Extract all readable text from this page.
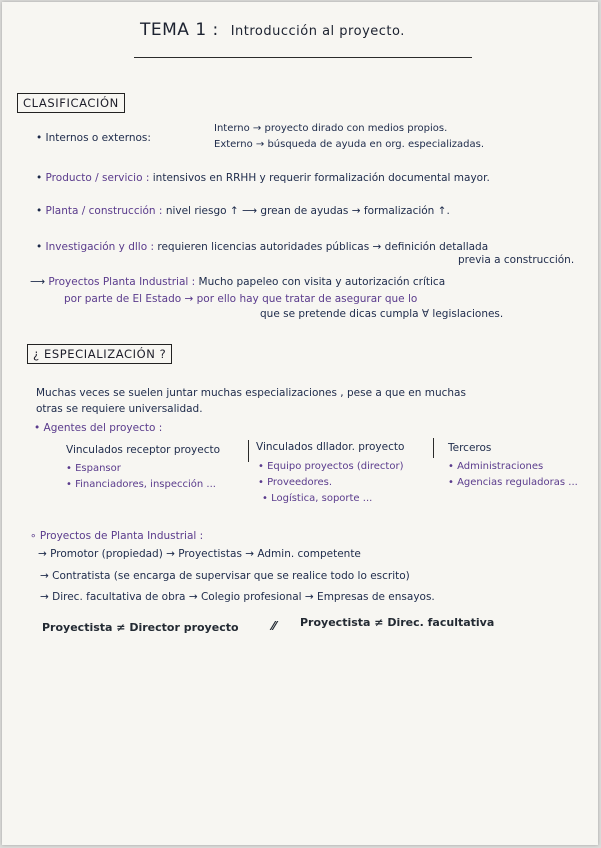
TEMA 1 : Introducción al proyecto.
CLASIFICACIÓN
• Internos o externos:
Interno → proyecto dirado con medios propios.
Externo → búsqueda de ayuda en org. especializadas.
• Producto / servicio : intensivos en RRHH y requerir formalización documental mayor.
• Planta / construcción : nivel riesgo ↑ ⟶ grean de ayudas → formalización ↑.
• Investigación y dllo : requieren licencias autoridades públicas → definición detallada
previa a construcción.
⟶ Proyectos Planta Industrial : Mucho papeleo con visita y autorización crítica
por parte de El Estado → por ello hay que tratar de asegurar que lo
que se pretende dicas cumpla ∀ legislaciones.
¿ ESPECIALIZACIÓN ?
Muchas veces se suelen juntar muchas especializaciones , pese a que en muchas
otras se requiere universalidad.
• Agentes del proyecto :
Vinculados receptor proyecto
• Espansor
• Financiadores, inspección ...
Vinculados dllador. proyecto
• Equipo proyectos (director)
• Proveedores.
• Logística, soporte ...
Terceros
• Administraciones
• Agencias reguladoras ...
∘ Proyectos de Planta Industrial :
→ Promotor (propiedad) → Proyectistas → Admin. competente
→ Contratista (se encarga de supervisar que se realice todo lo escrito)
→ Direc. facultativa de obra → Colegio profesional → Empresas de ensayos.
Proyectista ≠ Director proyecto	⁄⁄ Proyectista ≠ Direc. facultativa
